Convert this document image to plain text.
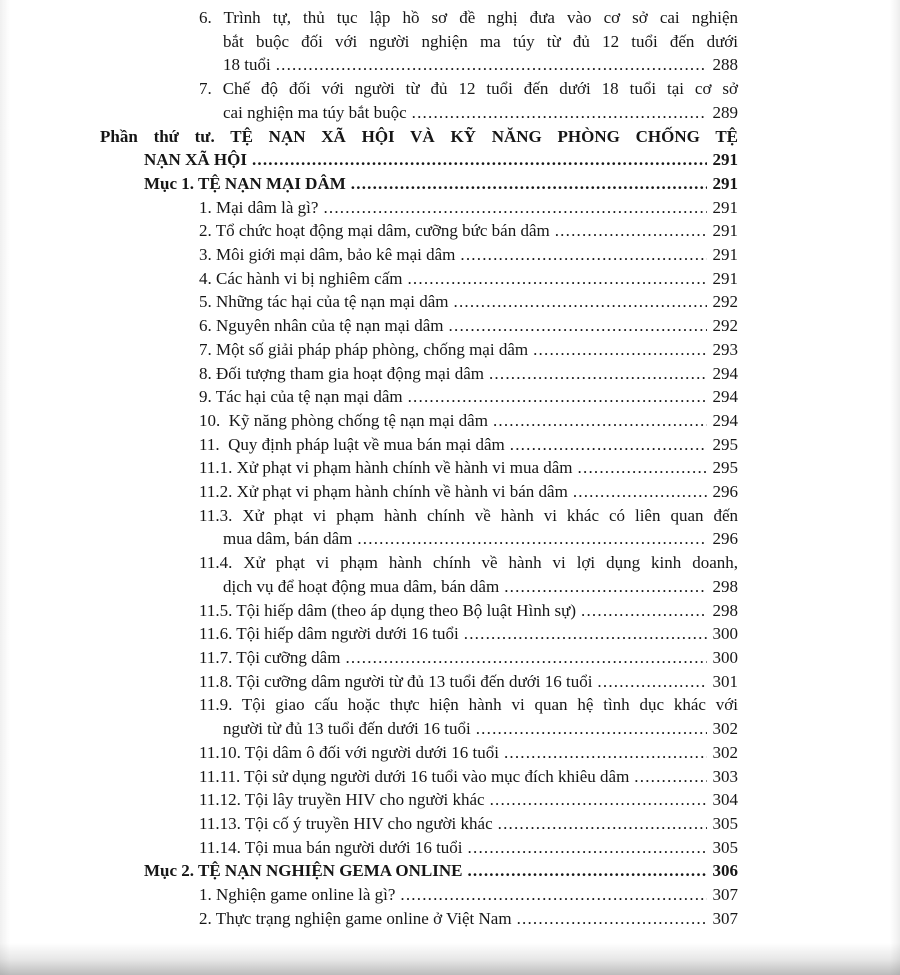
6. Trình tự, thủ tục lập hồ sơ đề nghị đưa vào cơ sở cai nghiện
bắt buộc đối với người nghiện ma túy từ đủ 12 tuổi đến dưới
18 tuổi .....	288
7. Chế độ đối với người từ đủ 12 tuổi đến dưới 18 tuổi tại cơ sở
cai nghiện ma túy bắt buộc .....	289
Phần thứ tư. TỆ NẠN XÃ HỘI VÀ KỸ NĂNG PHÒNG CHỐNG TỆ
NẠN XÃ HỘI .....	291
Mục 1. TỆ NẠN MẠI DÂM .....	291
1. Mại dâm là gì? .....	291
2. Tổ chức hoạt động mại dâm, cưỡng bức bán dâm .....	291
3. Môi giới mại dâm, bảo kê mại dâm .....	291
4. Các hành vi bị nghiêm cấm .....	291
5. Những tác hại của tệ nạn mại dâm .....	292
6. Nguyên nhân của tệ nạn mại dâm .....	292
7. Một số giải pháp pháp phòng, chống mại dâm .....	293
8. Đối tượng tham gia hoạt động mại dâm .....	294
9. Tác hại của tệ nạn mại dâm .....	294
10.  Kỹ năng phòng chống tệ nạn mại dâm .....	294
11.  Quy định pháp luật về mua bán mại dâm .....	295
11.1. Xử phạt vi phạm hành chính về hành vi mua dâm .....	295
11.2. Xử phạt vi phạm hành chính về hành vi bán dâm .....	296
11.3. Xử phạt vi phạm hành chính về hành vi khác có liên quan đến
mua dâm, bán dâm .....	296
11.4. Xử phạt vi phạm hành chính về hành vi lợi dụng kinh doanh,
dịch vụ để hoạt động mua dâm, bán dâm .....	298
11.5. Tội hiếp dâm (theo áp dụng theo Bộ luật Hình sự) .....	298
11.6. Tội hiếp dâm người dưới 16 tuổi .....	300
11.7. Tội cưỡng dâm .....	300
11.8. Tội cưỡng dâm người từ đủ 13 tuổi đến dưới 16 tuổi .....	301
11.9. Tội giao cấu hoặc thực hiện hành vi quan hệ tình dục khác với
người từ đủ 13 tuổi đến dưới 16 tuổi .....	302
11.10. Tội dâm ô đối với người dưới 16 tuổi .....	302
11.11. Tội sử dụng người dưới 16 tuổi vào mục đích khiêu dâm .....	303
11.12. Tội lây truyền HIV cho người khác .....	304
11.13. Tội cố ý truyền HIV cho người khác .....	305
11.14. Tội mua bán người dưới 16 tuổi .....	305
Mục 2. TỆ NẠN NGHIỆN GEMA ONLINE .....	306
1. Nghiện game online là gì? .....	307
2. Thực trạng nghiện game online ở Việt Nam .....	307
